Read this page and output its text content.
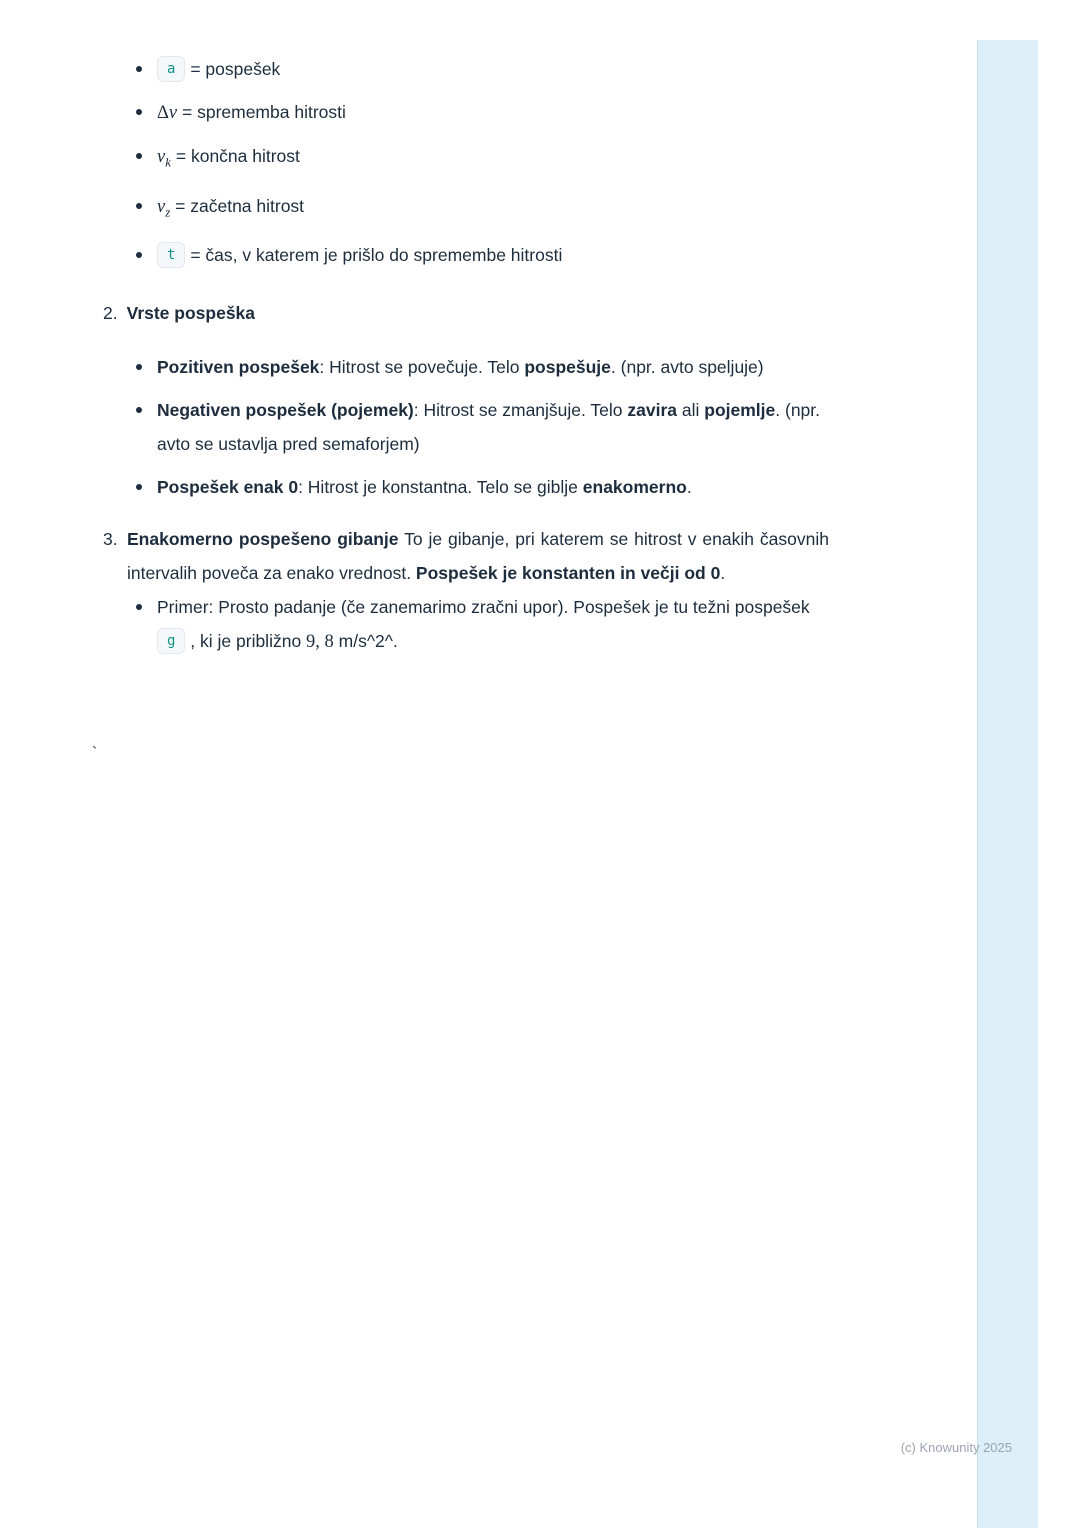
a = pospešek
Δv = sprememba hitrosti
$v_k$ = končna hitrost
$v_z$ = začetna hitrost
t = čas, v katerem je prišlo do spremembe hitrosti
2. Vrste pospeška
Pozitiven pospešek: Hitrost se povečuje. Telo pospešuje. (npr. avto speljuje)
Negativen pospešek (pojemek): Hitrost se zmanjšuje. Telo zavira ali pojemlje. (npr. avto se ustavlja pred semaforjem)
Pospešek enak 0: Hitrost je konstantna. Telo se giblje enakomerno.
3. Enakomerno pospešeno gibanje To je gibanje, pri katerem se hitrost v enakih časovnih intervalih poveča za enako vrednost. Pospešek je konstanten in večji od 0.

Primer: Prosto padanje (če zanemarimo zračni upor). Pospešek je tu težni pospešek g , ki je približno 9, 8 m/s^2^.
`
(c) Knowunity 2025
